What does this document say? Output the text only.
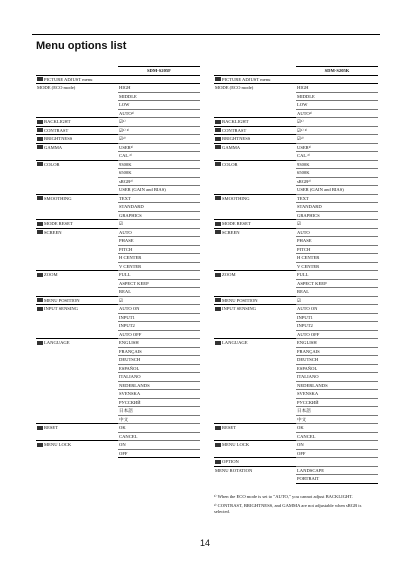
Menu options list
	SDM-S205F
PICTURE ADJUST menu	
MODE (ECO mode)	HIGH
	MIDDLE
	LOW
	AUTO¹⁾
BACKLIGHT	☑¹⁾
CONTRAST	☑¹⁾ ²⁾
BRIGHTNESS	☑²⁾
GAMMA	USER²⁾
	CAL.²⁾
COLOR	9300K
	6500K
	sRGB²⁾
	USER (GAIN and BIAS)
SMOOTHING	TEXT
	STANDARD
	GRAPHICS
MODE RESET	☑
SCREEN	AUTO
	PHASE
	PITCH
	H CENTER
	V CENTER
ZOOM	FULL
	ASPECT KEEP
	REAL
MENU POSITION	☑
INPUT SENSING	AUTO ON
	INPUT1
	INPUT2
	AUTO OFF
LANGUAGE	ENGLISH
	FRANÇAIS
	DEUTSCH
	ESPAÑOL
	ITALIANO
	NEDERLANDS
	SVENSKA
	РУССКИЙ
	日本語
	中文
RESET	OK
	CANCEL
MENU LOCK	ON
	OFF
	SDM-S205K
PICTURE ADJUST menu	
MODE (ECO mode)	HIGH
	MIDDLE
	LOW
	AUTO¹⁾
BACKLIGHT	☑¹⁾
CONTRAST	☑¹⁾ ²⁾
BRIGHTNESS	☑²⁾
GAMMA	USER²⁾
	CAL.²⁾
COLOR	9300K
	6500K
	sRGB²⁾
	USER (GAIN and BIAS)
SMOOTHING	TEXT
	STANDARD
	GRAPHICS
MODE RESET	☑
SCREEN	AUTO
	PHASE
	PITCH
	H CENTER
	V CENTER
ZOOM	FULL
	ASPECT KEEP
	REAL
MENU POSITION	☑
INPUT SENSING	AUTO ON
	INPUT1
	INPUT2
	AUTO OFF
LANGUAGE	ENGLISH
	FRANÇAIS
	DEUTSCH
	ESPAÑOL
	ITALIANO
	NEDERLANDS
	SVENSKA
	РУССКИЙ
	日本語
	中文
RESET	OK
	CANCEL
MENU LOCK	ON
	OFF
OPTION	
MENU ROTATION	LANDSCAPE
	PORTRAIT

¹⁾ When the ECO mode is set to "AUTO," you cannot adjust BACKLIGHT.

²⁾ CONTRAST, BRIGHTNESS, and GAMMA are not adjustable when sRGB is selected.

14
